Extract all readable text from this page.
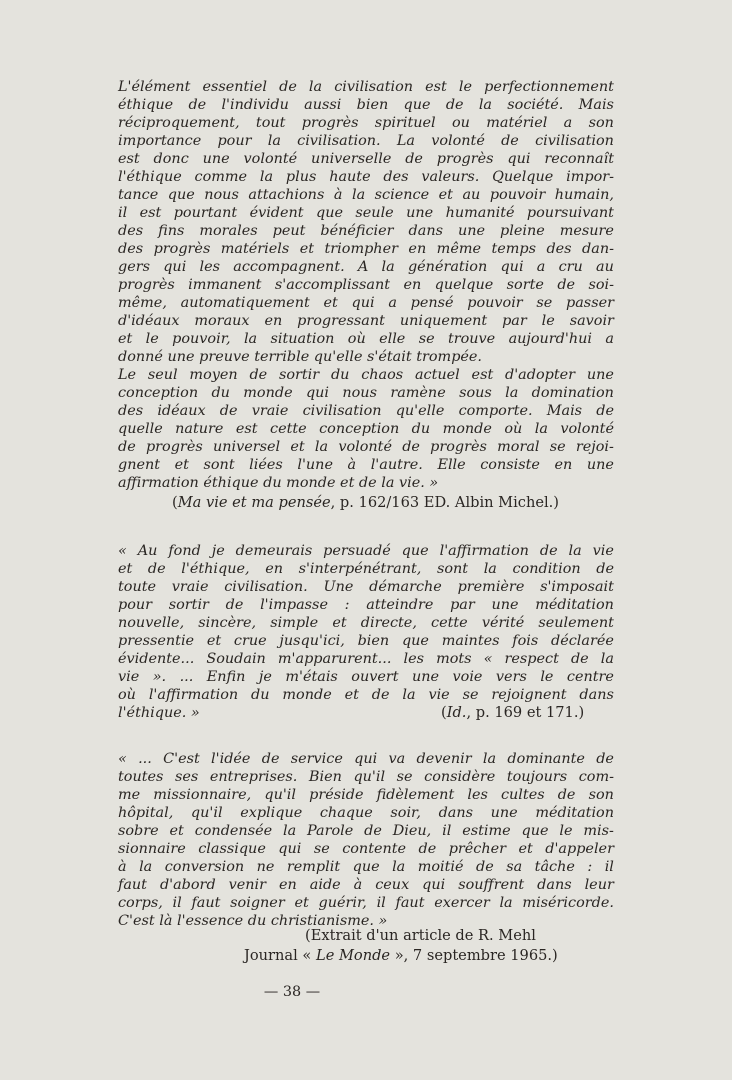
L'élément essentiel de la civilisation est le perfectionnement
éthique de l'individu aussi bien que de la société. Mais
réciproquement, tout progrès spirituel ou matériel a son
importance pour la civilisation. La volonté de civilisation
est donc une volonté universelle de progrès qui reconnaît
l'éthique comme la plus haute des valeurs. Quelque impor-
tance que nous attachions à la science et au pouvoir humain,
il est pourtant évident que seule une humanité poursuivant
des fins morales peut bénéficier dans une pleine mesure
des progrès matériels et triompher en même temps des dan-
gers qui les accompagnent. A la génération qui a cru au
progrès immanent s'accomplissant en quelque sorte de soi-
même, automatiquement et qui a pensé pouvoir se passer
d'idéaux moraux en progressant uniquement par le savoir
et le pouvoir, la situation où elle se trouve aujourd'hui a
donné une preuve terrible qu'elle s'était trompée.
Le seul moyen de sortir du chaos actuel est d'adopter une
conception du monde qui nous ramène sous la domination
des idéaux de vraie civilisation qu'elle comporte. Mais de
quelle nature est cette conception du monde où la volonté
de progrès universel et la volonté de progrès moral se rejoi-
gnent et sont liées l'une à l'autre. Elle consiste en une
affirmation éthique du monde et de la vie. »
(Ma vie et ma pensée, p. 162/163 ED. Albin Michel.)
« Au fond je demeurais persuadé que l'affirmation de la vie
et de l'éthique, en s'interpénétrant, sont la condition de
toute vraie civilisation. Une démarche première s'imposait
pour sortir de l'impasse : atteindre par une méditation
nouvelle, sincère, simple et directe, cette vérité seulement
pressentie et crue jusqu'ici, bien que maintes fois déclarée
évidente... Soudain m'apparurent... les mots « respect de la
vie ». ... Enfin je m'étais ouvert une voie vers le centre
où l'affirmation du monde et de la vie se rejoignent dans
l'éthique. »	(Id., p. 169 et 171.)
« ... C'est l'idée de service qui va devenir la dominante de
toutes ses entreprises. Bien qu'il se considère toujours com-
me missionnaire, qu'il préside fidèlement les cultes de son
hôpital, qu'il explique chaque soir, dans une méditation
sobre et condensée la Parole de Dieu, il estime que le mis-
sionnaire classique qui se contente de prêcher et d'appeler
à la conversion ne remplit que la moitié de sa tâche : il
faut d'abord venir en aide à ceux qui souffrent dans leur
corps, il faut soigner et guérir, il faut exercer la miséricorde.
C'est là l'essence du christianisme. »
(Extrait d'un article de R. Mehl
Journal « Le Monde », 7 septembre 1965.)
— 38 —
